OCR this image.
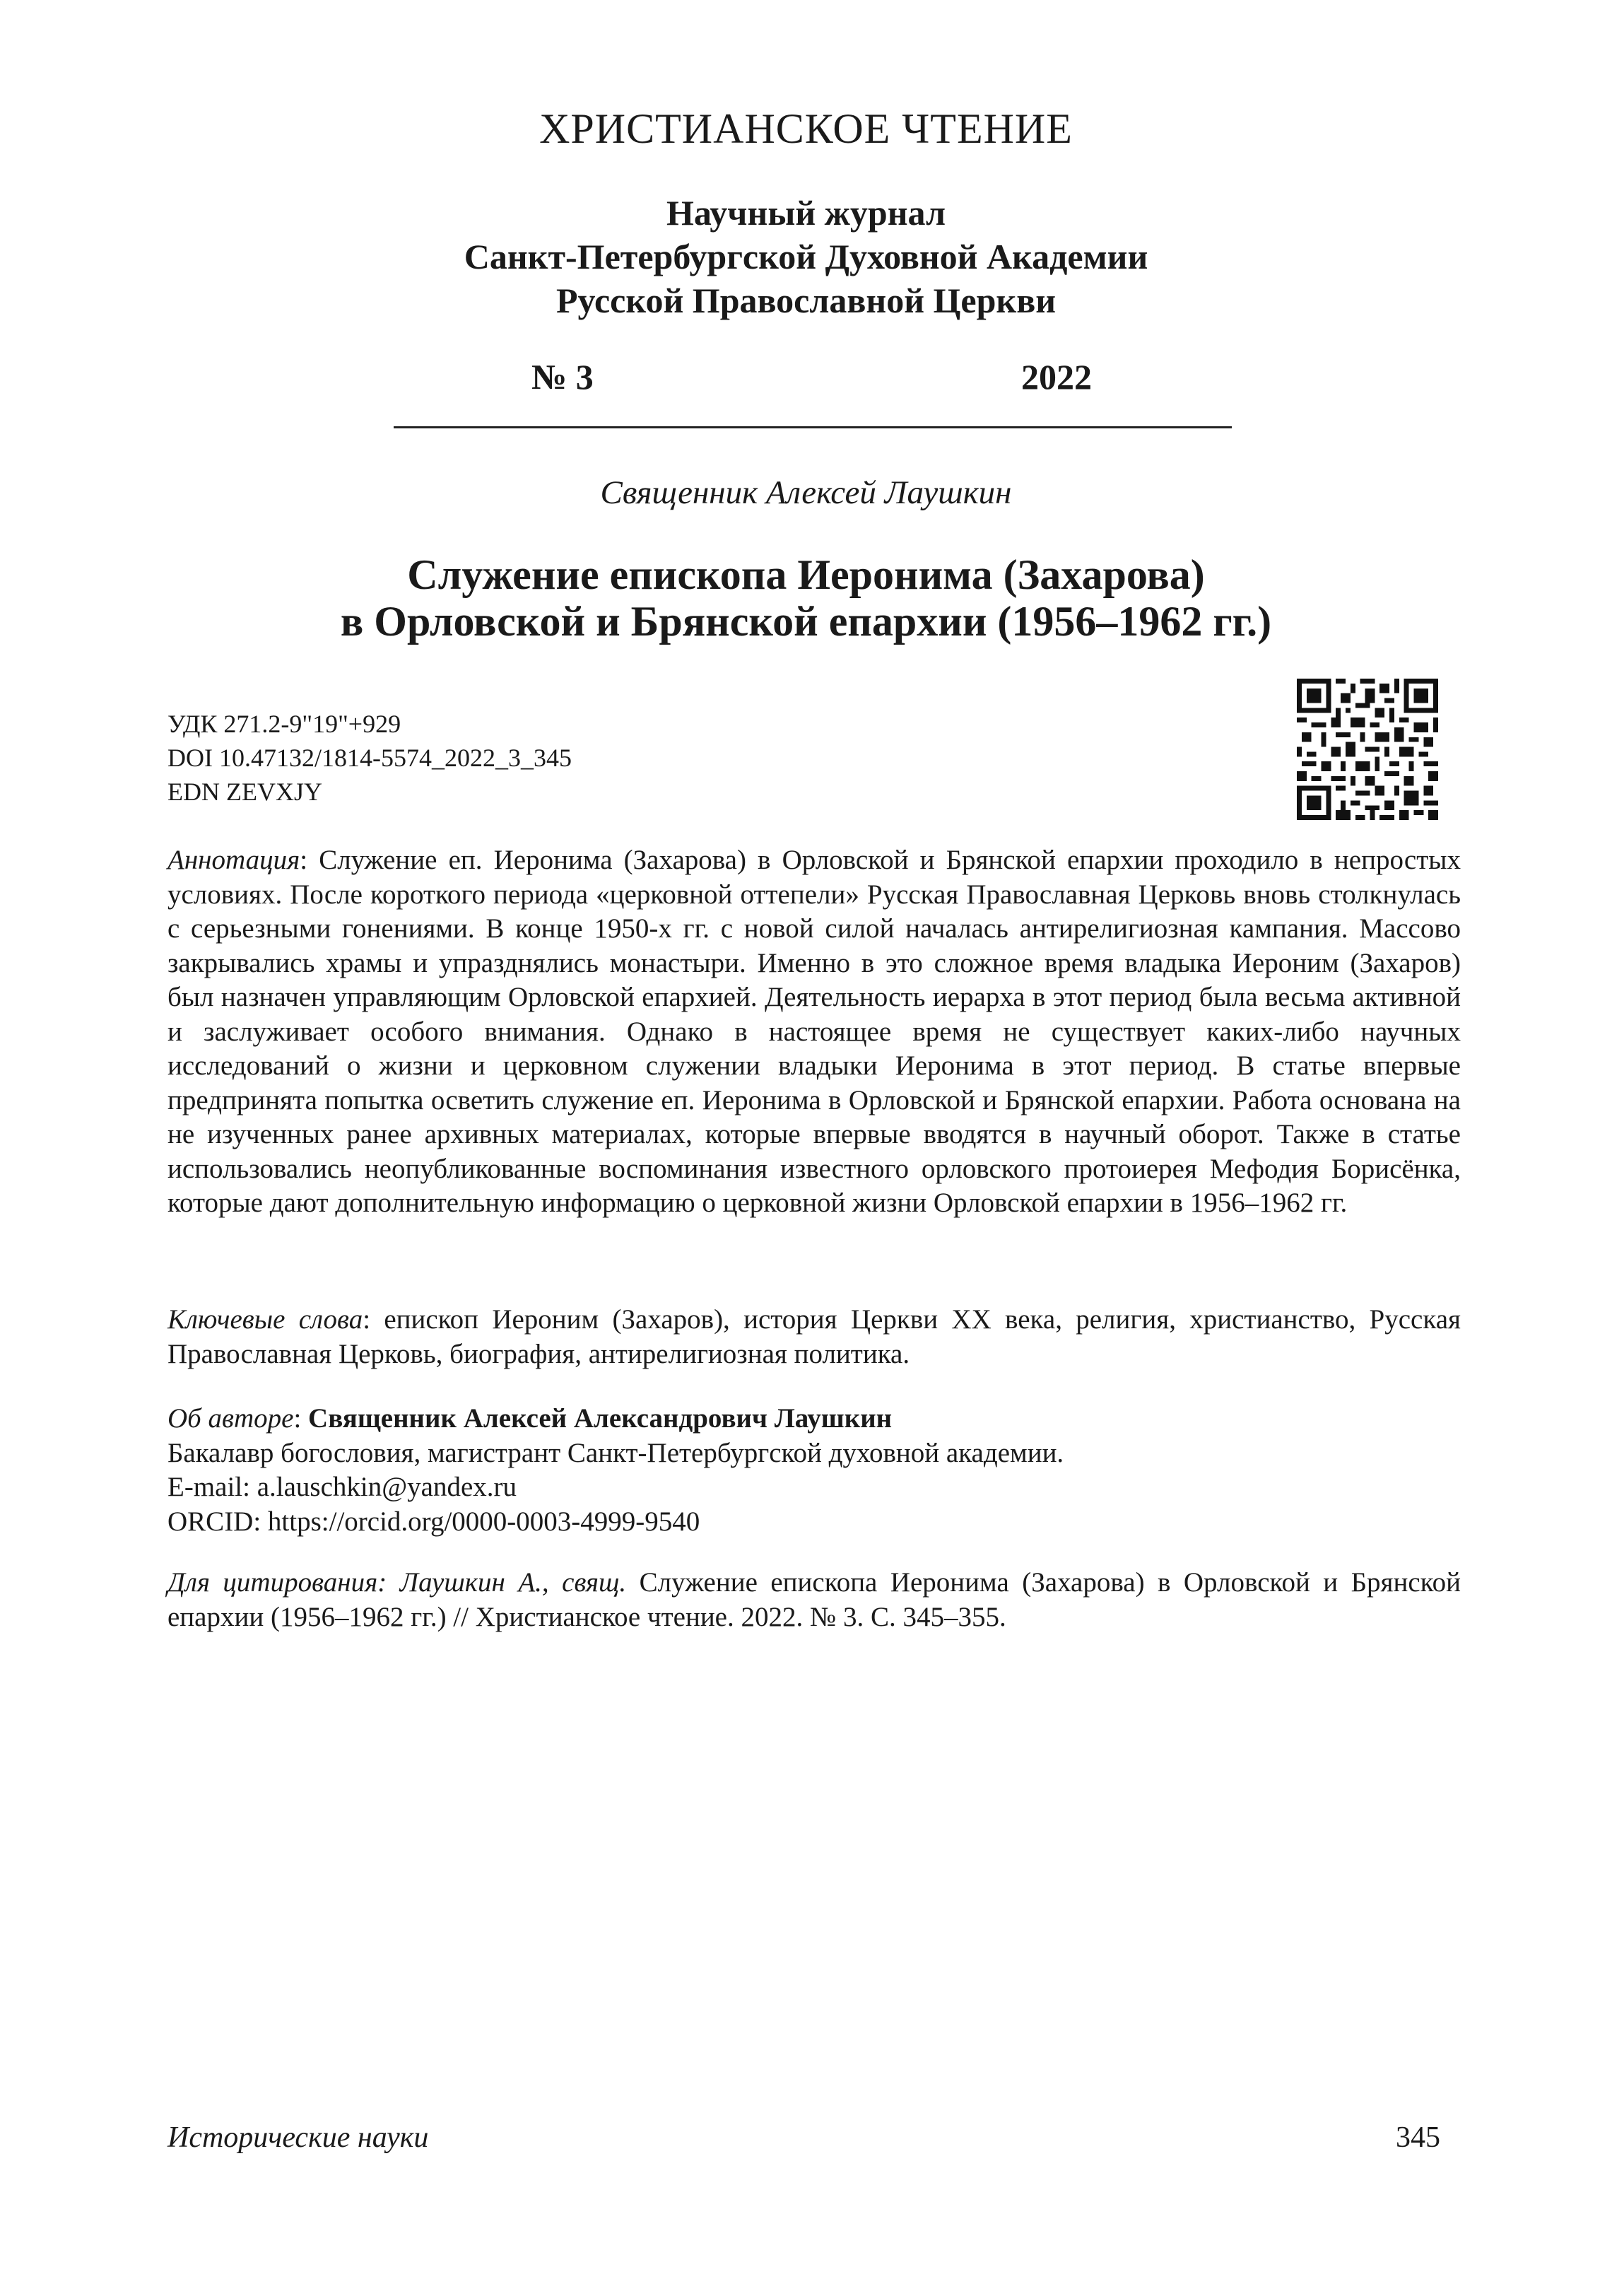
ХРИСТИАНСКОЕ ЧТЕНИЕ
Научный журнал
Санкт-Петербургской Духовной Академии
Русской Православной Церкви
№ 3	2022
Священник Алексей Лаушкин
Служение епископа Иеронима (Захарова)
в Орловской и Брянской епархии (1956–1962 гг.)
УДК 271.2-9"19"+929
DOI 10.47132/1814-5574_2022_3_345
EDN ZEVXJY
Аннотация: Служение еп. Иеронима (Захарова) в Орловской и Брянской епархии проходило в непростых условиях. После короткого периода «церковной оттепели» Русская Православная Церковь вновь столкнулась с серьезными гонениями. В конце 1950-х гг. с новой силой началась антирелигиозная кампания. Массово закрывались храмы и упразднялись монастыри. Именно в это сложное время владыка Иероним (Захаров) был назначен управляющим Орловской епархией. Деятельность иерарха в этот период была весьма активной и заслуживает особого внимания. Однако в настоящее время не существует каких-либо научных исследований о жизни и церковном служении владыки Иеронима в этот период. В статье впервые предпринята попытка осветить служение еп. Иеронима в Орловской и Брянской епархии. Работа основана на не изученных ранее архивных материалах, которые впервые вводятся в научный оборот. Также в статье использовались неопубликованные воспоминания известного орловского протоиерея Мефодия Борисёнка, которые дают дополнительную информацию о церковной жизни Орловской епархии в 1956–1962 гг.
Ключевые слова: епископ Иероним (Захаров), история Церкви XX века, религия, христианство, Русская Православная Церковь, биография, антирелигиозная политика.
Об авторе: Священник Алексей Александрович Лаушкин
Бакалавр богословия, магистрант Санкт-Петербургской духовной академии.
E-mail: a.lauschkin@yandex.ru
ORCID: https://orcid.org/0000-0003-4999-9540
Для цитирования: Лаушкин А., свящ. Служение епископа Иеронима (Захарова) в Орловской и Брянской епархии (1956–1962 гг.) // Христианское чтение. 2022. № 3. С. 345–355.
Исторические науки	345
